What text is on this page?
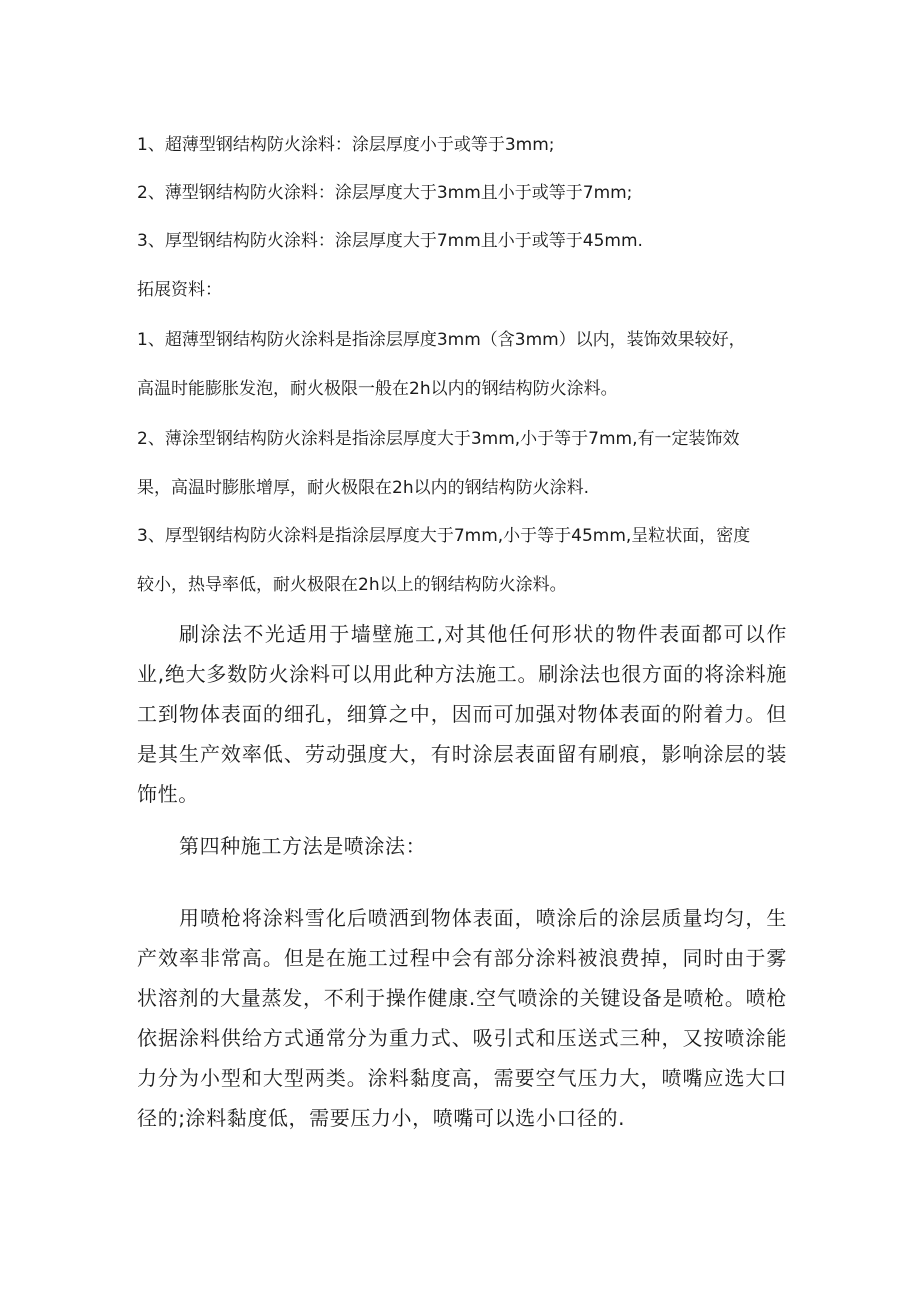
1、超薄型钢结构防火涂料：涂层厚度小于或等于3mm;
2、薄型钢结构防火涂料：涂层厚度大于3mm且小于或等于7mm;
3、厚型钢结构防火涂料：涂层厚度大于7mm且小于或等于45mm.
拓展资料：
1、超薄型钢结构防火涂料是指涂层厚度3mm（含3mm）以内，装饰效果较好，
高温时能膨胀发泡，耐火极限一般在2h以内的钢结构防火涂料。
2、薄涂型钢结构防火涂料是指涂层厚度大于3mm,小于等于7mm,有一定装饰效
果，高温时膨胀增厚，耐火极限在2h以内的钢结构防火涂料.
3、厚型钢结构防火涂料是指涂层厚度大于7mm,小于等于45mm,呈粒状面，密度
较小，热导率低，耐火极限在2h以上的钢结构防火涂料。

刷涂法不光适用于墙壁施工,对其他任何形状的物件表面都可以作业,绝大多数防火涂料可以用此种方法施工。刷涂法也很方面的将涂料施工到物体表面的细孔，细算之中，因而可加强对物体表面的附着力。但是其生产效率低、劳动强度大，有时涂层表面留有刷痕，影响涂层的装饰性。

第四种施工方法是喷涂法：

用喷枪将涂料雪化后喷洒到物体表面，喷涂后的涂层质量均匀，生产效率非常高。但是在施工过程中会有部分涂料被浪费掉，同时由于雾状溶剂的大量蒸发，不利于操作健康.空气喷涂的关键设备是喷枪。喷枪依据涂料供给方式通常分为重力式、吸引式和压送式三种，又按喷涂能力分为小型和大型两类。涂料黏度高，需要空气压力大，喷嘴应选大口径的;涂料黏度低，需要压力小，喷嘴可以选小口径的.
